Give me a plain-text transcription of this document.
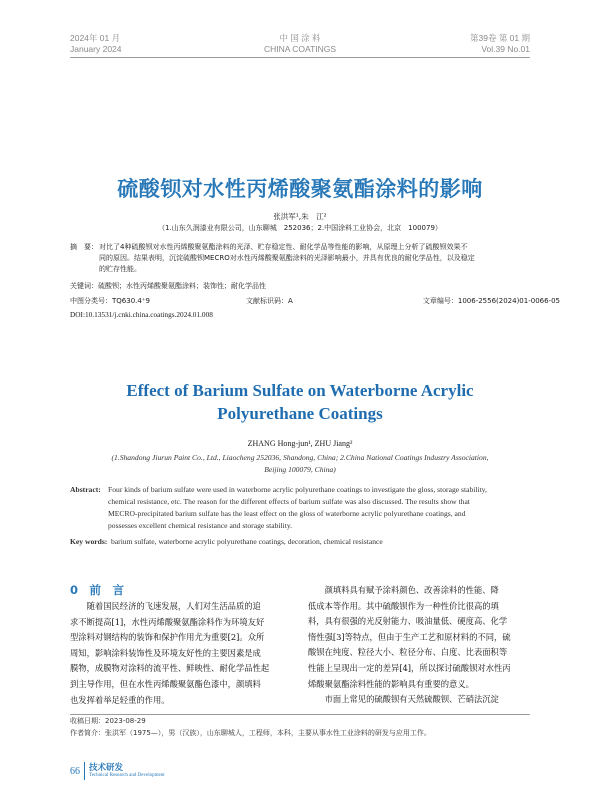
2024年 01 月
January 2024
中 国 涂 料
CHINA COATINGS
第39卷 第 01 期
Vol.39 No.01
硫酸钡对水性丙烯酸聚氨酯涂料的影响
张洪军¹,朱　江²
（1.山东久润漆业有限公司，山东聊城　252036；2.中国涂料工业协会，北京　100079）
摘　要： 对比了4种硫酸钡对水性丙烯酸聚氨酯涂料的光泽、贮存稳定性、耐化学品等性能的影响，从原理上分析了硫酸钡效果不
同的原因。结果表明，沉淀硫酸钡MECRO对水性丙烯酸聚氨酯涂料的光泽影响最小，并具有优良的耐化学品性，以及稳定
的贮存性能。
关键词：硫酸钡；水性丙烯酸聚氨酯涂料；装饰性；耐化学品性
中图分类号：TQ630.4⁺9	文献标识码：A	文章编号：1006-2556(2024)01-0066-05
DOI:10.13531/j.cnki.china.coatings.2024.01.008
Effect of Barium Sulfate on Waterborne Acrylic
Polyurethane Coatings
ZHANG Hong-jun¹, ZHU Jiang²
(1.Shandong Jiurun Paint Co., Ltd., Liaocheng 252036, Shandong, China; 2.China National Coatings Industry Association,
Beijing 100079, China)
Abstract: Four kinds of barium sulfate were used in waterborne acrylic polyurethane coatings to investigate the gloss, storage stability,
chemical resistance, etc. The reason for the different effects of barium sulfate was also discussed. The results show that
MECRO-precipitated barium sulfate has the least effect on the gloss of waterborne acrylic polyurethane coatings, and
possesses excellent chemical resistance and storage stability.
Key words: barium sulfate, waterborne acrylic polyurethane coatings, decoration, chemical resistance
0　前　言
　　随着国民经济的飞速发展，人们对生活品质的追
求不断提高[1]，水性丙烯酸聚氨酯涂料作为环境友好
型涂料对钢结构的装饰和保护作用尤为重要[2]。众所
周知，影响涂料装饰性及环境友好性的主要因素是成
膜物，成膜物对涂料的流平性、鲜映性、耐化学品性起
到主导作用，但在水性丙烯酸聚氨酯色漆中，颜填料
也发挥着举足轻重的作用。
　　颜填料具有赋予涂料颜色、改善涂料的性能、降
低成本等作用。其中硫酸钡作为一种性价比很高的填
料，具有很强的光反射能力、吸油量低、硬度高、化学
惰性强[3]等特点，但由于生产工艺和原材料的不同，硫
酸钡在纯度、粒径大小、粒径分布、白度、比表面积等
性能上呈现出一定的差异[4]，所以探讨硫酸钡对水性丙
烯酸聚氨酯涂料性能的影响具有重要的意义。
　　市面上常见的硫酸钡有天然硫酸钡、芒硝法沉淀
收稿日期：2023-08-29
作者简介：张洪军（1975—），男（汉族），山东聊城人，工程师，本科，主要从事水性工业涂料的研发与应用工作。
66 技术研发
Technical Research and Development
